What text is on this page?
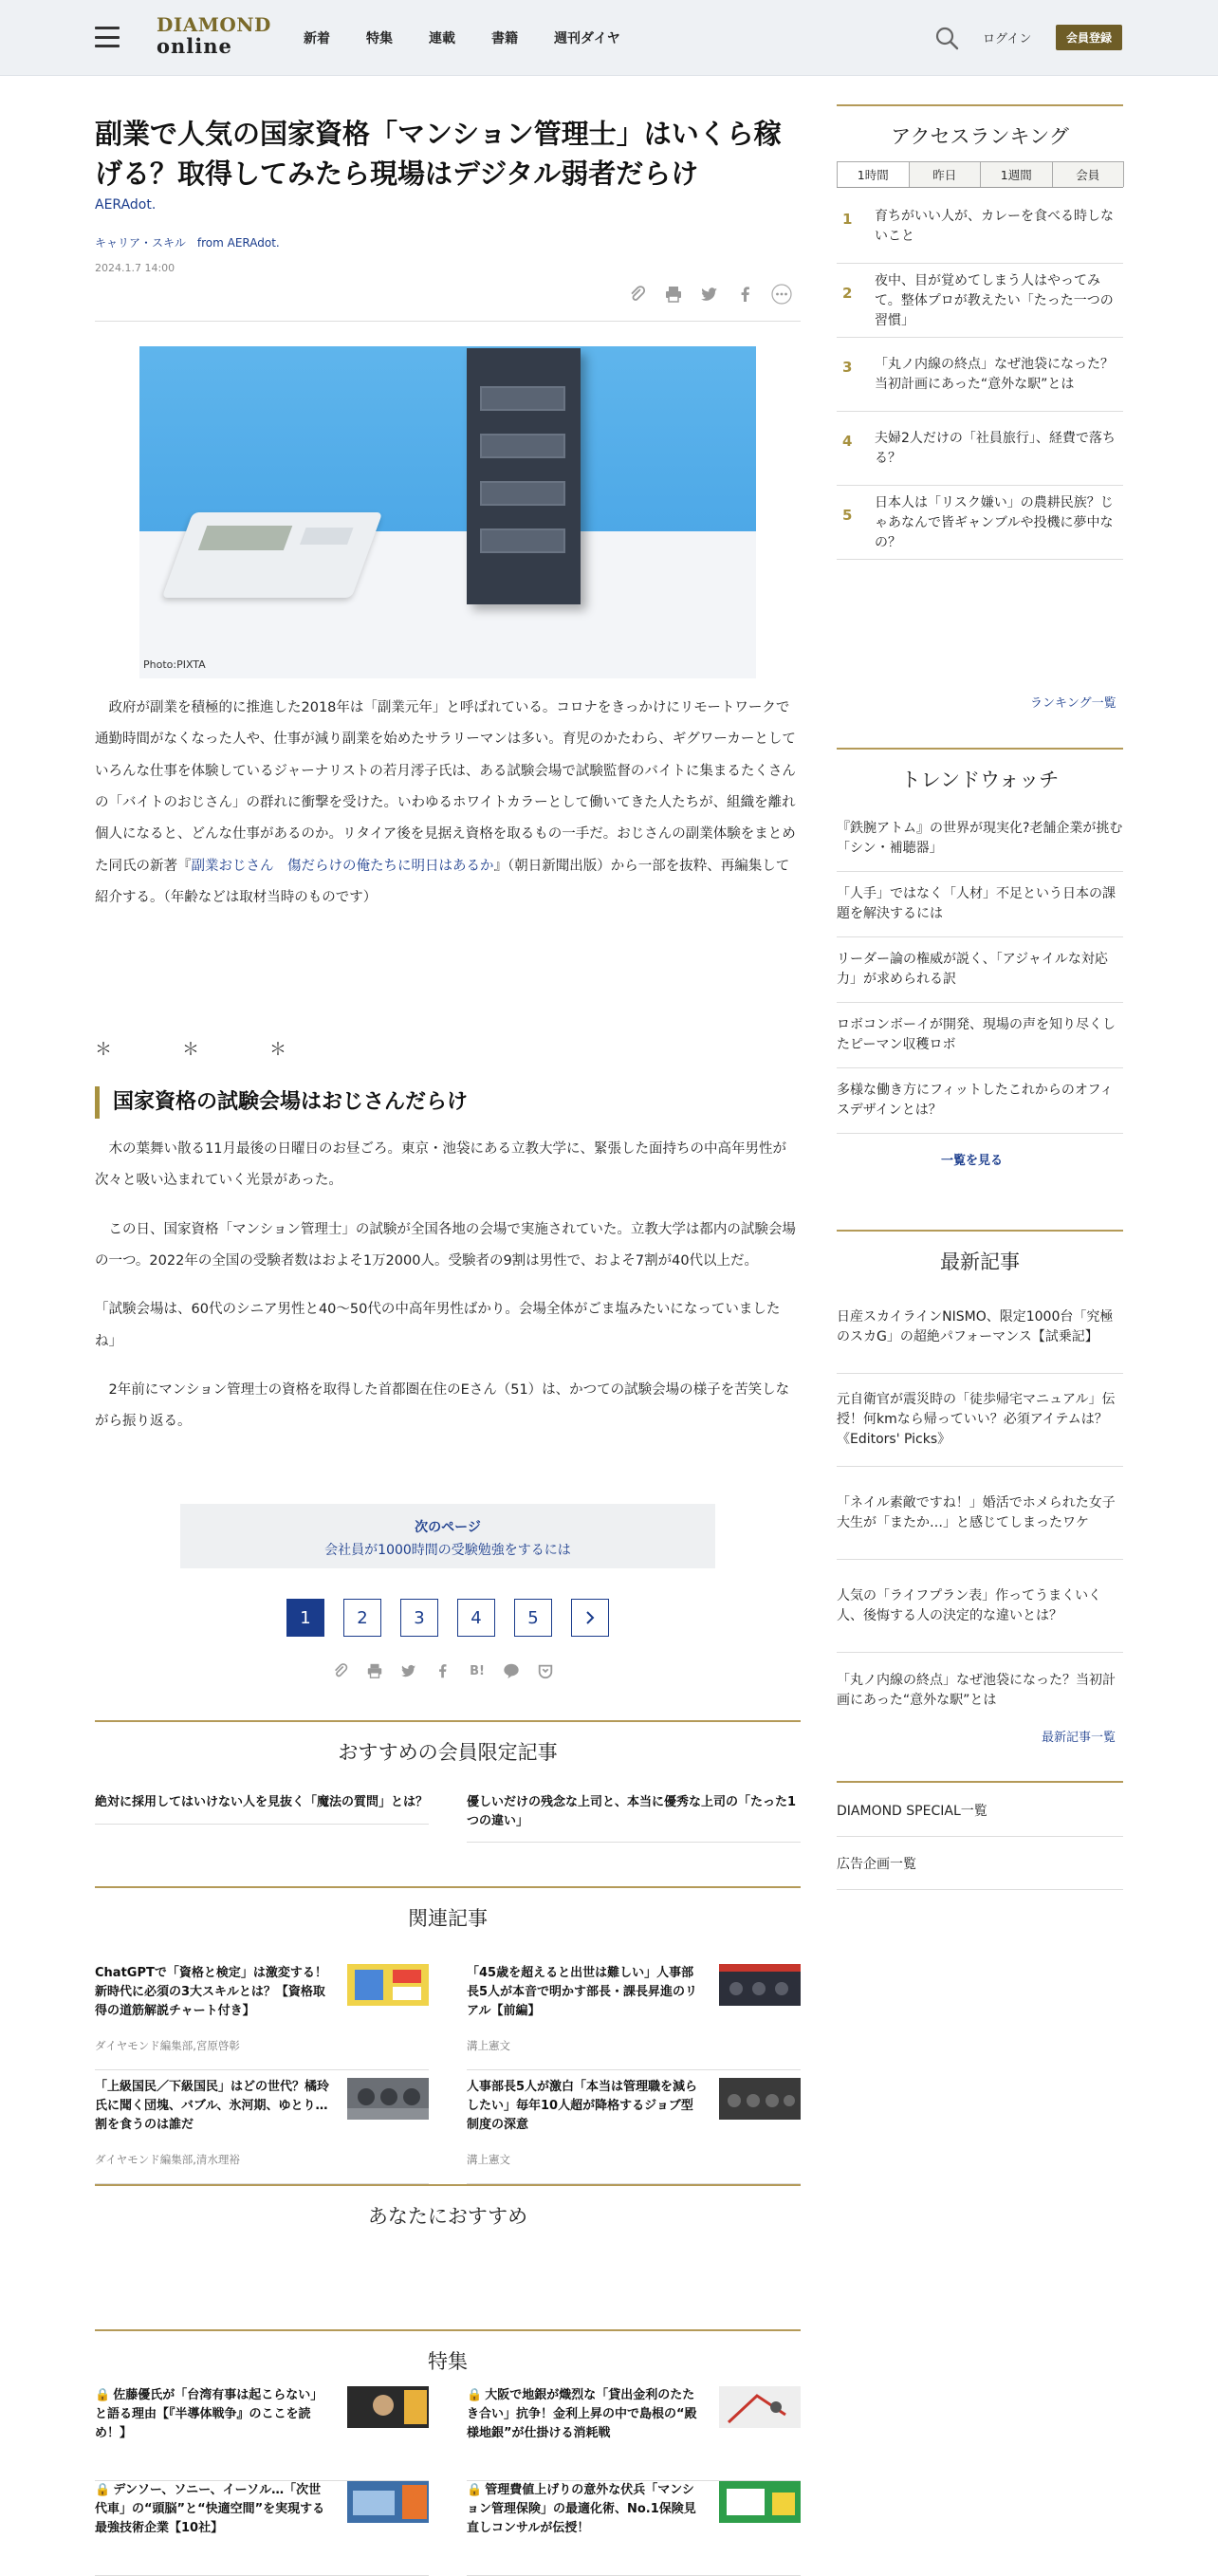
DIAMOND
online	新着	特集	連載	書籍	週刊ダイヤ	ログイン	会員登録
副業で人気の国家資格「マンション管理士」はいくら稼げる？取得してみたら現場はデジタル弱者だらけ
AERAdot.
キャリア・スキル　from AERAdot.
2024.1.7 14:00
Photo:PIXTA

　政府が副業を積極的に推進した2018年は「副業元年」と呼ばれている。コロナをきっかけにリモートワークで通勤時間がなくなった人や、仕事が減り副業を始めたサラリーマンは多い。育児のかたわら、ギグワーカーとしていろんな仕事を体験しているジャーナリストの若月澪子氏は、ある試験会場で試験監督のバイトに集まるたくさんの「バイトのおじさん」の群れに衝撃を受けた。いわゆるホワイトカラーとして働いてきた人たちが、組織を離れ個人になると、どんな仕事があるのか。リタイア後を見据え資格を取るもの一手だ。おじさんの副業体験をまとめた同氏の新著『副業おじさん　傷だらけの俺たちに明日はあるか』（朝日新聞出版）から一部を抜粋、再編集して紹介する。（年齢などは取材当時のものです）

＊　＊　＊
国家資格の試験会場はおじさんだらけ

　木の葉舞い散る11月最後の日曜日のお昼ごろ。東京・池袋にある立教大学に、緊張した面持ちの中高年男性が次々と吸い込まれていく光景があった。

　この日、国家資格「マンション管理士」の試験が全国各地の会場で実施されていた。立教大学は都内の試験会場の一つ。2022年の全国の受験者数はおよそ1万2000人。受験者の9割は男性で、およそ7割が40代以上だ。

「試験会場は、60代のシニア男性と40～50代の中高年男性ばかり。会場全体がごま塩みたいになっていましたね」

　2年前にマンション管理士の資格を取得した首都圏在住のEさん（51）は、かつての試験会場の様子を苦笑しながら振り返る。

次のページ
会社員が1000時間の受験勉強をするには
1	2	3	4	5
B!
おすすめの会員限定記事
絶対に採用してはいけない人を見抜く「魔法の質問」とは？	優しいだけの残念な上司と、本当に優秀な上司の「たった1つの違い」
関連記事
ChatGPTで「資格と検定」は激変する！新時代に必須の3大スキルとは？【資格取得の道筋解説チャート付き】
ダイヤモンド編集部,宮原啓彰
「45歳を超えると出世は難しい」人事部長5人が本音で明かす部長・課長昇進のリアル【前編】
溝上憲文
「上級国民／下級国民」はどの世代？橘玲氏に聞く団塊、バブル、氷河期、ゆとり…割を食うのは誰だ
ダイヤモンド編集部,清水理裕
人事部長5人が激白「本当は管理職を減らしたい」毎年10人超が降格するジョブ型制度の深意
溝上憲文
あなたにおすすめ
特集
🔒 佐藤優氏が「台湾有事は起こらない」と語る理由【『半導体戦争』のここを読め！】
🔒 大阪で地銀が熾烈な「貸出金利のたたき合い」抗争！金利上昇の中で島根の“殿様地銀”が仕掛ける消耗戦
🔒 デンソー、ソニー、イーソル…「次世代車」の“頭脳”と“快適空間”を実現する最強技術企業【10社】
🔒 管理費値上げりの意外な伏兵「マンション管理保険」の最適化術、No.1保険見直しコンサルが伝授！
アクセスランキング
1時間	昨日	1週間	会員
1 育ちがいい人が、カレーを食べる時しないこと
2
夜中、目が覚めてしまう人はやってみて。整体プロが教えたい「たった一つの習慣」
3 「丸ノ内線の終点」なぜ池袋になった？当初計画にあった“意外な駅”とは
4 夫婦2人だけの「社員旅行」、経費で落ちる？
5
日本人は「リスク嫌い」の農耕民族？じゃあなんで皆ギャンブルや投機に夢中なの？
ランキング一覧
トレンドウォッチ
『鉄腕アトム』の世界が現実化?老舗企業が挑む「シン・補聴器」
「人手」ではなく「人材」不足という日本の課題を解決するには
リーダー論の権威が説く、「アジャイルな対応力」が求められる訳
ロボコンボーイが開発、現場の声を知り尽くしたピーマン収穫ロボ
多様な働き方にフィットしたこれからのオフィスデザインとは？
一覧を見る
最新記事
日産スカイラインNISMO、限定1000台「究極のスカG」の超絶パフォーマンス【試乗記】
元自衛官が震災時の「徒歩帰宅マニュアル」伝授！何kmなら帰っていい？必須アイテムは？《Editors' Picks》
「ネイル素敵ですね！」婚活でホメられた女子大生が「またか…」と感じてしまったワケ
人気の「ライフプラン表」作ってうまくいく人、後悔する人の決定的な違いとは？
「丸ノ内線の終点」なぜ池袋になった？当初計画にあった“意外な駅”とは
最新記事一覧
DIAMOND SPECIAL一覧
広告企画一覧
